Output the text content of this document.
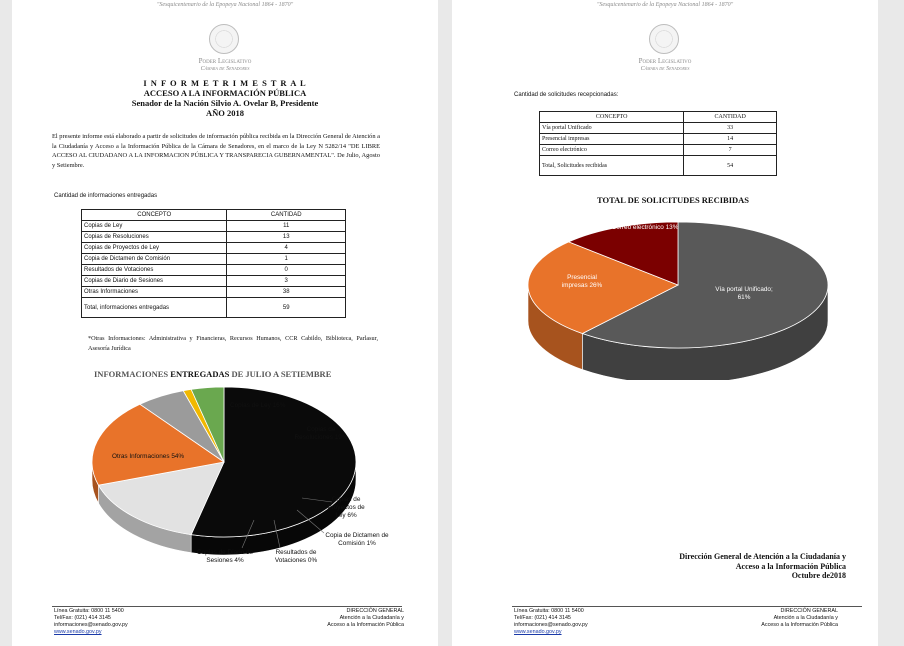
"Sesquicentenario de la Epopeya Nacional 1864 - 1870"
Poder Legislativo
Cámara de Senadores
I N F O R M E T R I M E S T R A L
ACCESO A LA INFORMACIÓN PÚBLICA
Senador de la Nación Silvio A. Ovelar B, Presidente
AÑO 2018
El presente informe está elaborado a partir de solicitudes de información pública recibida en la Dirección General de Atención a la Ciudadanía y Acceso a la Información Pública de la Cámara de Senadores, en el marco de la Ley N 5282/14 "DE LIBRE ACCESO AL CIUDADANO A LA INFORMACION PÚBLICA Y TRANSPARECIA GUBERNAMENTAL". De Julio, Agosto y Setiembre.
Cantidad de informaciones entregadas
CONCEPTO	CANTIDAD
Copias de Ley	11
Copias de Resoluciones	13
Copias de Proyectos de Ley	4
Copia de Dictamen de Comisión	1
Resultados de Votaciones	0
Copias de Diario de Sesiones	3
Otras Informaciones	38
Total, informaciones entregadas	59
*Otras Informaciones: Administrativa y Financieras, Recursos Humanos, CCR Cabildo, Biblioteca, Parlasur, Asesoría Jurídica
INFORMACIONES ENTREGADAS DE JULIO A SETIEMBRE
Otras Informaciones 54%
Copias de Ley 16%
Copias de Resoluciones 19%
Copias de Proyectos de Ley 6%
Copia de Dictamen de Comisión 1%
Resultados de Votaciones 0%
Copias de Diario de Sesiones 4%
Línea Gratuita: 0800 11 5400
Tel/Fax: (021) 414 3145
informaciones@senado.gov.py
www.senado.gov.py
DIRECCIÓN GENERAL
Atención a la Ciudadanía y
Acceso a la Información Pública
"Sesquicentenario de la Epopeya Nacional 1864 - 1870"
Poder Legislativo
Cámara de Senadores
Cantidad de solicitudes recepcionadas:
CONCEPTO	CANTIDAD
Vía portal Unificado	33
Presencial impresas	14
Correo electrónico	7
Total, Solicitudes recibidas	54
TOTAL DE SOLICITUDES RECIBIDAS
Vía portal Unificado; 61%
Presencial impresas 26%
Correo electrónico 13%
Dirección General de Atención a la Ciudadanía y
Acceso a la Información Pública
Octubre de2018
Línea Gratuita: 0800 11 5400
Tel/Fax: (021) 414 3145
informaciones@senado.gov.py
www.senado.gov.py
DIRECCIÓN GENERAL
Atención a la Ciudadanía y
Acceso a la Información Pública
